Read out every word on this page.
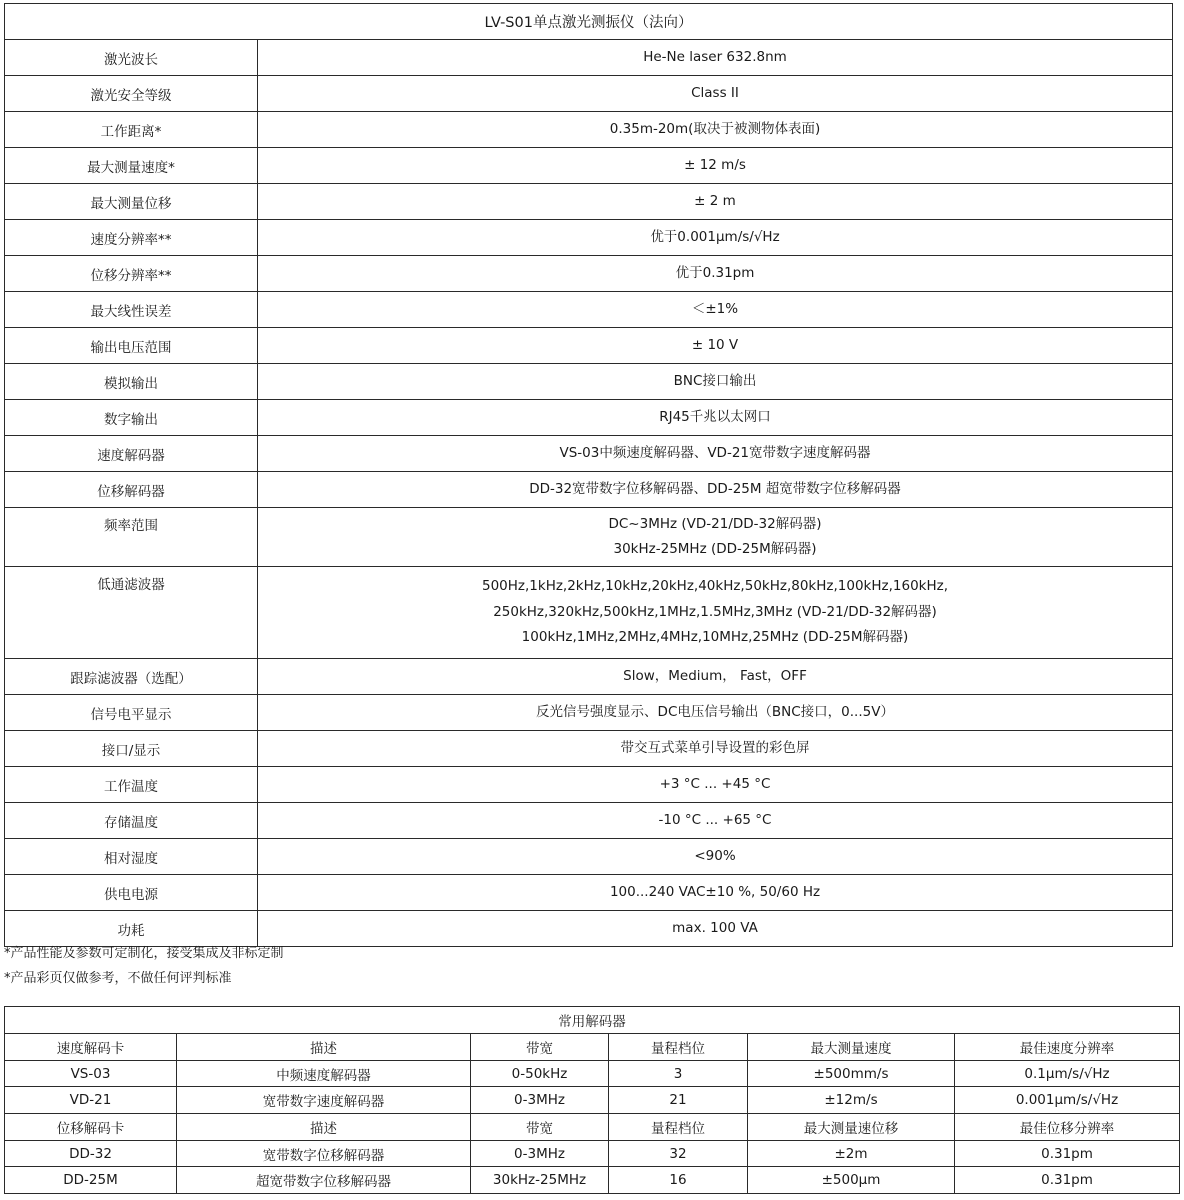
LV-S01单点激光测振仪（法向）	
激光波长	He-Ne laser 632.8nm

激光安全等级	Class II

工作距离*	0.35m-20m(取决于被测物体表面)

最大测量速度*	± 12 m/s

最大测量位移	± 2 m

速度分辨率**	优于0.001μm/s/√Hz

位移分辨率**	优于0.31pm

最大线性误差	＜±1%

输出电压范围	± 10 V

模拟输出	BNC接口输出

数字输出	RJ45千兆以太网口

速度解码器	VS-03中频速度解码器、VD-21宽带数字速度解码器

位移解码器	DD-32宽带数字位移解码器、DD-25M 超宽带数字位移解码器

频率范围	DC~3MHz (VD-21/DD-32解码器)
30kHz-25MHz (DD-25M解码器)

低通滤波器	500Hz,1kHz,2kHz,10kHz,20kHz,40kHz,50kHz,80kHz,100kHz,160kHz,
250kHz,320kHz,500kHz,1MHz,1.5MHz,3MHz (VD-21/DD-32解码器)
100kHz,1MHz,2MHz,4MHz,10MHz,25MHz (DD-25M解码器)

跟踪滤波器（选配）	Slow，Medium， Fast，OFF

信号电平显示	反光信号强度显示、DC电压信号输出（BNC接口，0...5V）

接口/显示	带交互式菜单引导设置的彩色屏

工作温度	+3 °C ... +45 °C

存储温度	-10 °C ... +65 °C

相对湿度	<90%

供电电源	100...240 VAC±10 %, 50/60 Hz

功耗	max. 100 VA
*产品性能及参数可定制化，接受集成及非标定制
*产品彩页仅做参考，不做任何评判标准
常用解码器					
速度解码卡	描述	带宽	量程档位	最大测量速度	最佳速度分辨率
VS-03	中频速度解码器	0-50kHz	3	±500mm/s	0.1μm/s/√Hz
VD-21	宽带数字速度解码器	0-3MHz	21	±12m/s	0.001μm/s/√Hz
位移解码卡	描述	带宽	量程档位	最大测量速位移	最佳位移分辨率
DD-32	宽带数字位移解码器	0-3MHz	32	±2m	0.31pm
DD-25M	超宽带数字位移解码器	30kHz-25MHz	16	±500μm	0.31pm
